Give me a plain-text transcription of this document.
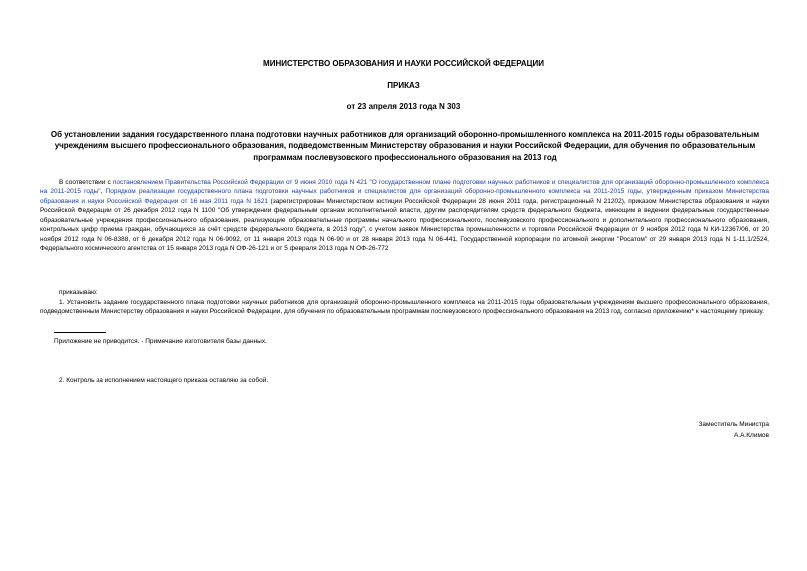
МИНИСТЕРСТВО ОБРАЗОВАНИЯ И НАУКИ РОССИЙСКОЙ ФЕДЕРАЦИИ
ПРИКАЗ
от 23 апреля 2013 года N 303
Об установлении задания государственного плана подготовки научных работников для организаций оборонно-промышленного комплекса на 2011-2015 годы образовательным учреждениям высшего профессионального образования, подведомственным Министерству образования и науки Российской Федерации, для обучения по образовательным программам послевузовского профессионального образования на 2013 год
В соответствии с постановлением Правительства Российской Федерации от 9 июня 2010 года N 421 "О государственном плане подготовки научных работников и специалистов для организаций оборонно-промышленного комплекса на 2011-2015 годы", Порядком реализации государственного плана подготовки научных работников и специалистов для организаций оборонно-промышленного комплекса на 2011-2015 годы, утвержденным приказом Министерства образования и науки Российской Федерации от 16 мая 2011 года N 1621 (зарегистрирован Министерством юстиции Российской Федерации 28 июня 2011 года, регистрационный N 21202), приказом Министерства образования и науки Российской Федерации от 26 декабря 2012 года N 1100 "Об утверждении федеральным органам исполнительной власти, другим распорядителям средств федерального бюджета, имеющим в ведении федеральные государственные образовательные учреждения профессионального образования, реализующие образовательные программы начального профессионального, послевузовского профессионального и дополнительного профессионального образования, контрольных цифр приема граждан, обучающихся за счёт средств федерального бюджета, в 2013 году", с учетом заявок Министерства промышленности и торговли Российской Федерации от 9 ноября 2012 года N КИ-12367/06, от 20 ноября 2012 года N 06-8388, от 6 декабря 2012 года N 06-9092, от 11 января 2013 года N 06-90 и от 28 января 2013 года N 06-441, Государственной корпорации по атомной энергии "Росатом" от 29 января 2013 года N 1-11.1/2524, Федерального космического агентства от 15 января 2013 года N ОФ-26-121 и от 5 февраля 2013 года N ОФ-26-772
приказываю:
1. Установить задание государственного плана подготовки научных работников для организаций оборонно-промышленного комплекса на 2011-2015 годы образовательным учреждениям высшего профессионального образования, подведомственным Министерству образования и науки Российской Федерации, для обучения по образовательным программам послевузовского профессионального образования на 2013 год, согласно приложению* к настоящему приказу.
Приложение не приводится. - Примечание изготовителя базы данных.
2. Контроль за исполнением настоящего приказа оставляю за собой.
Заместитель Министра
А.А.Климов
